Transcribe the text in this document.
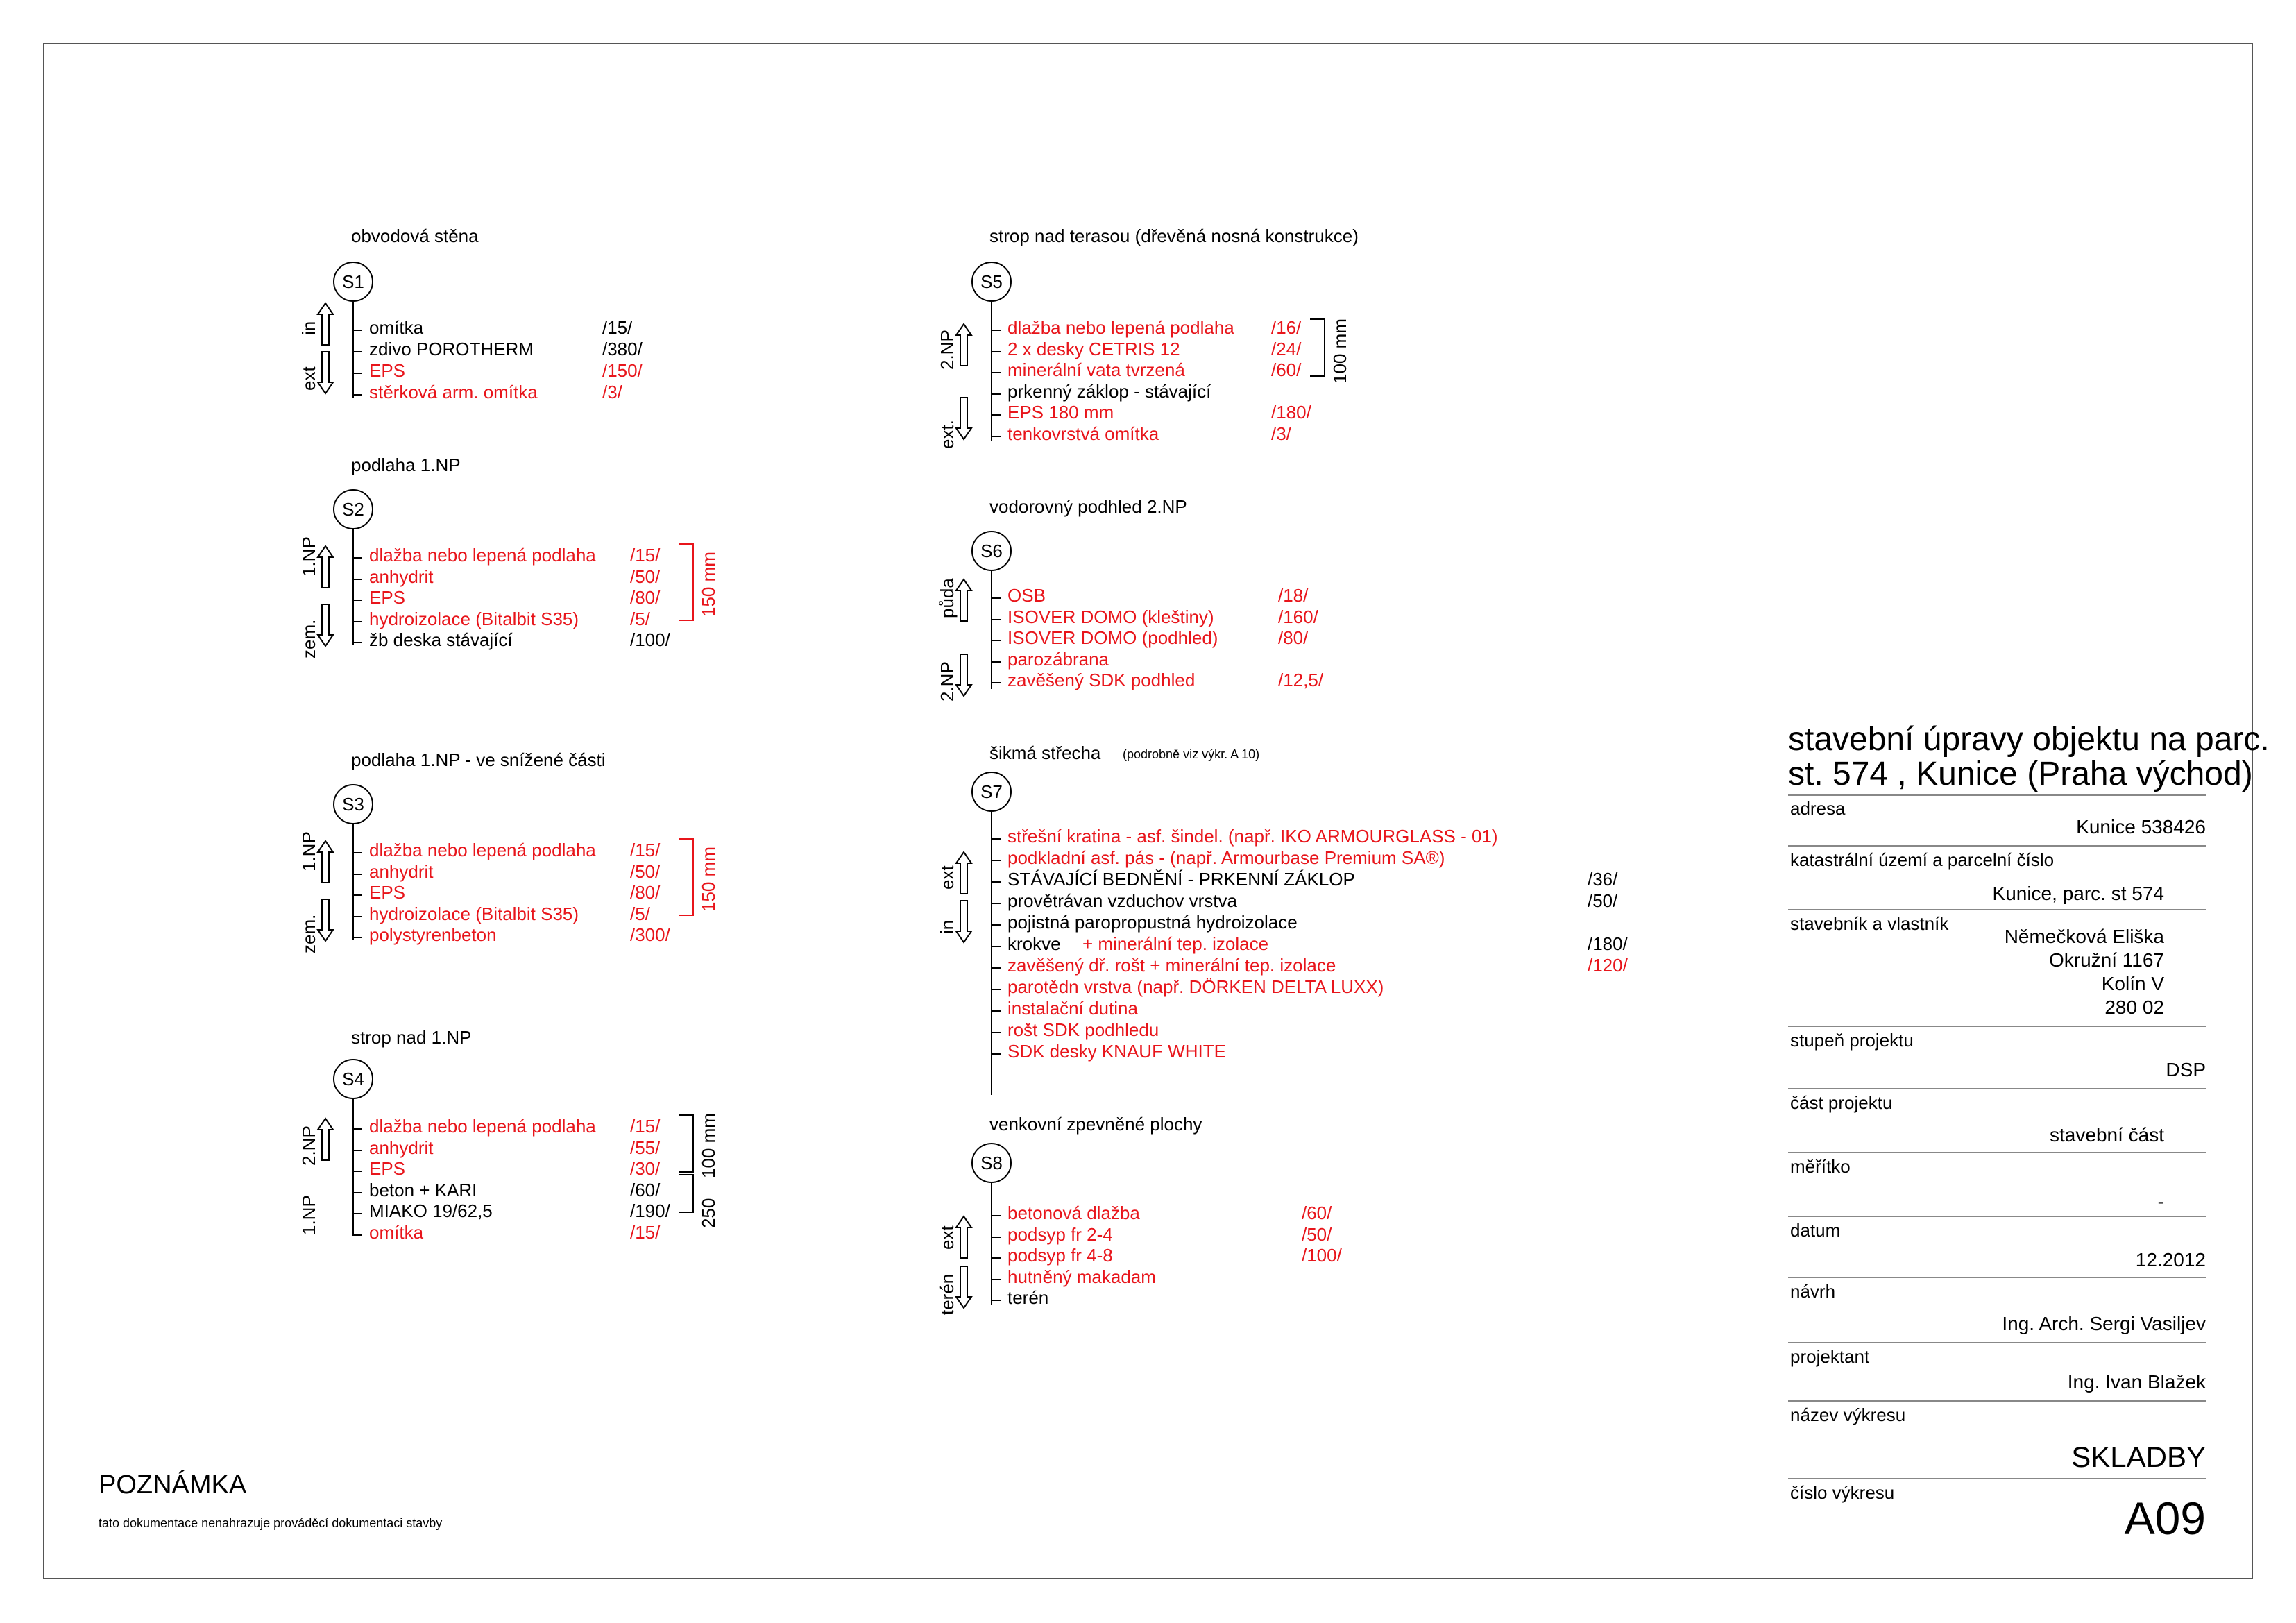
obvodová stěna
S1
in
ext
omítka	/15/
zdivo POROTHERM	/380/
EPS	/150/
stěrková arm. omítka	/3/
podlaha 1.NP
S2
1.NP
zem.
150 mm
dlažba nebo lepená podlaha /15/
anhydrit	/50/
EPS	/80/
hydroizolace (Bitalbit S35)	/5/
žb deska stávající	/100/
podlaha 1.NP - ve snížené části
S3
1.NP
zem.
150 mm
dlažba nebo lepená podlaha /15/
anhydrit	/50/
EPS	/80/
hydroizolace (Bitalbit S35)	/5/
polystyrenbeton	/300/
strop nad 1.NP
S4
2.NP
1.NP
100 mm
250
dlažba nebo lepená podlaha /15/
anhydrit	/55/
EPS	/30/
beton + KARI	/60/
MIAKO 19/62,5	/190/
omítka	/15/
strop nad terasou (dřevěná nosná konstrukce)
S5
2.NP
ext.
100 mm
dlažba nebo lepená podlaha /16/
2 x desky CETRIS 12	/24/
minerální vata tvrzená	/60/
prkenný záklop - stávající
EPS 180 mm	/180/
tenkovrstvá omítka	/3/
vodorovný podhled 2.NP
S6
půda
2.NP
OSB	/18/
ISOVER DOMO (kleštiny)	/160/
ISOVER DOMO (podhled)	/80/
parozábrana
zavěšený SDK podhled	/12,5/
šikmá střecha (podrobně viz výkr. A 10)
S7
ext
in
střešní kratina - asf. šindel. (např. IKO ARMOURGLASS - 01)
podkladní asf. pás - (např. Armourbase Premium SA®)
STÁVAJÍCÍ BEDNĚNÍ - PRKENNÍ ZÁKLOP	/36/
provětrávan vzduchov vrstva	/50/
pojistná paropropustná hydroizolace
krokve + minerální tep. izolace	/180/
zavěšený dř. rošt + minerální tep. izolace	/120/
parotědn vrstva (např. DÖRKEN DELTA LUXX)
instalační dutina
rošt SDK podhledu
SDK desky KNAUF WHITE
venkovní zpevněné plochy
S8
ext
terén
betonová dlažba	/60/
podsyp fr 2-4	/50/
podsyp fr 4-8	/100/
hutněný makadam
terén
POZNÁMKA
tato dokumentace nenahrazuje prováděcí dokumentaci stavby
stavební úpravy objektu na parc.
st. 574 , Kunice (Praha východ)
adresa
Kunice 538426
katastrální území a parcelní číslo
Kunice, parc. st 574
stavebník a vlastník
Němečková Eliška
Okružní 1167
Kolín V
280 02
stupeň projektu
DSP
část projektu
stavební část
měřítko
-
datum
12.2012
návrh
Ing. Arch. Sergi Vasiljev
projektant
Ing. Ivan Blažek
název výkresu
SKLADBY
číslo výkresu	A09
